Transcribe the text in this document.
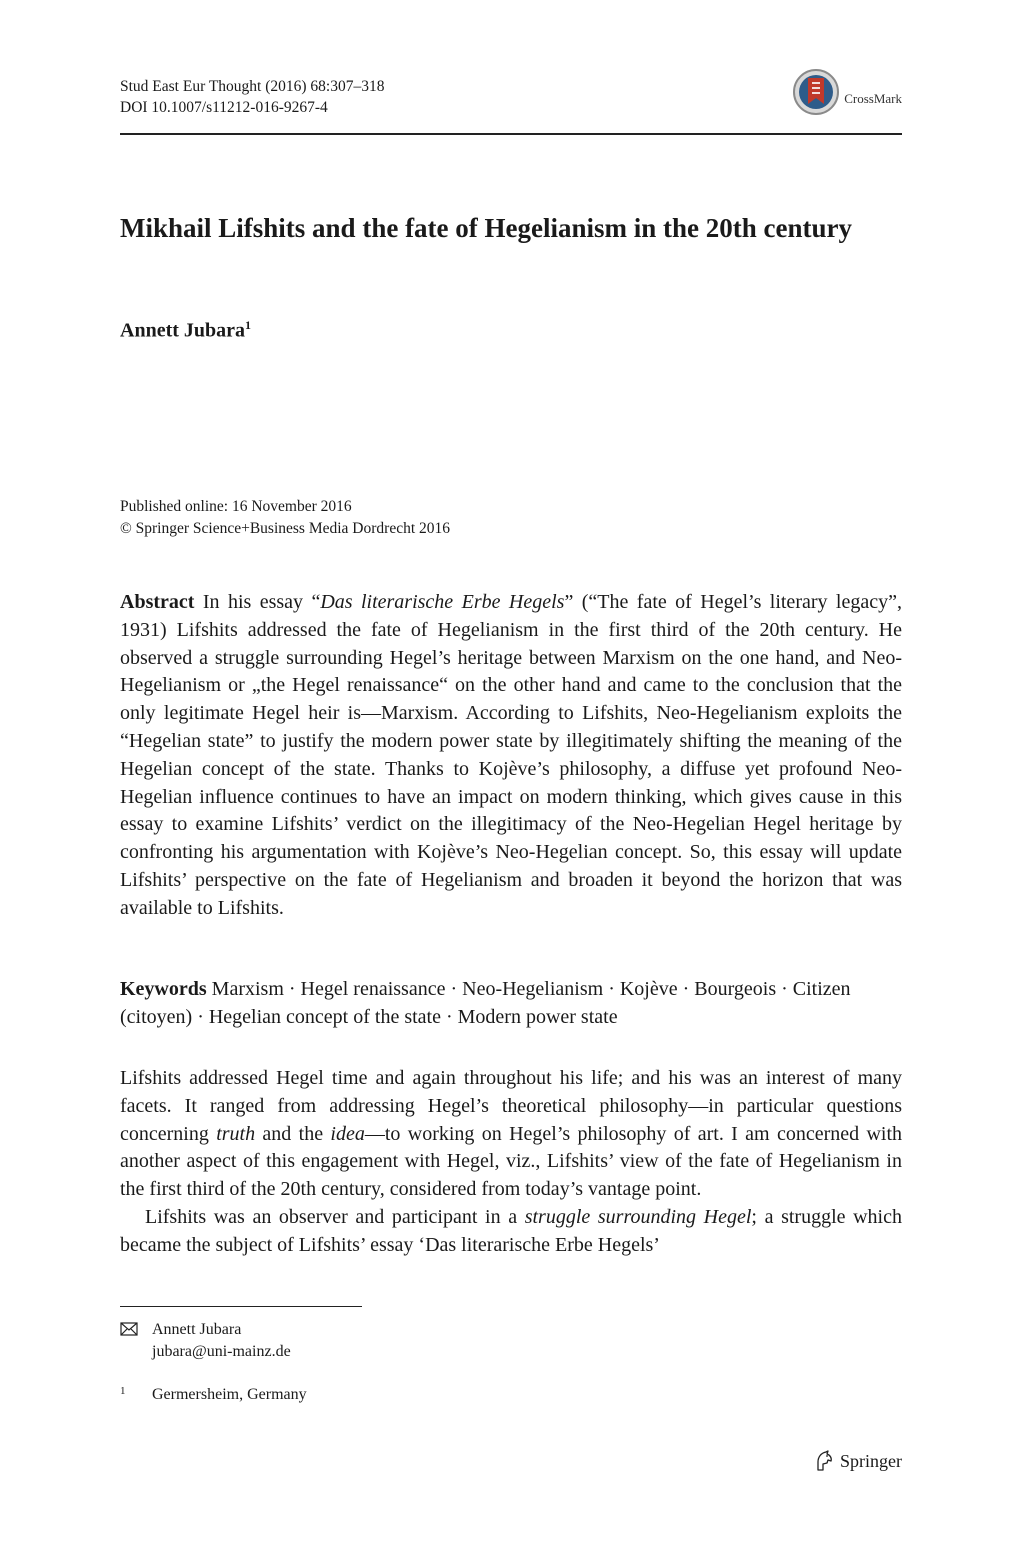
Stud East Eur Thought (2016) 68:307–318
DOI 10.1007/s11212-016-9267-4
CrossMark
Mikhail Lifshits and the fate of Hegelianism in the 20th century
Annett Jubara$^1$
Published online: 16 November 2016
© Springer Science+Business Media Dordrecht 2016

Abstract In his essay “Das literarische Erbe Hegels” (“The fate of Hegel’s literary legacy”, 1931) Lifshits addressed the fate of Hegelianism in the first third of the 20th century. He observed a struggle surrounding Hegel’s heritage between Marxism on the one hand, and Neo-Hegelianism or „the Hegel renaissance“ on the other hand and came to the conclusion that the only legitimate Hegel heir is—Marxism. According to Lifshits, Neo-Hegelianism exploits the “Hegelian state” to justify the modern power state by illegitimately shifting the meaning of the Hegelian concept of the state. Thanks to Kojève’s philosophy, a diffuse yet profound Neo-Hegelian influence continues to have an impact on modern thinking, which gives cause in this essay to examine Lifshits’ verdict on the illegitimacy of the Neo-Hegelian Hegel heritage by confronting his argumentation with Kojève’s Neo-Hegelian concept. So, this essay will update Lifshits’ perspective on the fate of Hegelianism and broaden it beyond the horizon that was available to Lifshits.

Keywords Marxism · Hegel renaissance · Neo-Hegelianism · Kojève · Bourgeois · Citizen (citoyen) · Hegelian concept of the state · Modern power state

Lifshits addressed Hegel time and again throughout his life; and his was an interest of many facets. It ranged from addressing Hegel’s theoretical philosophy—in particular questions concerning truth and the idea—to working on Hegel’s philosophy of art. I am concerned with another aspect of this engagement with Hegel, viz., Lifshits’ view of the fate of Hegelianism in the first third of the 20th century, considered from today’s vantage point.

Lifshits was an observer and participant in a struggle surrounding Hegel; a struggle which became the subject of Lifshits’ essay ‘Das literarische Erbe Hegels’

Annett Jubara
jubara@uni-mainz.de
1 Germersheim, Germany
Springer
